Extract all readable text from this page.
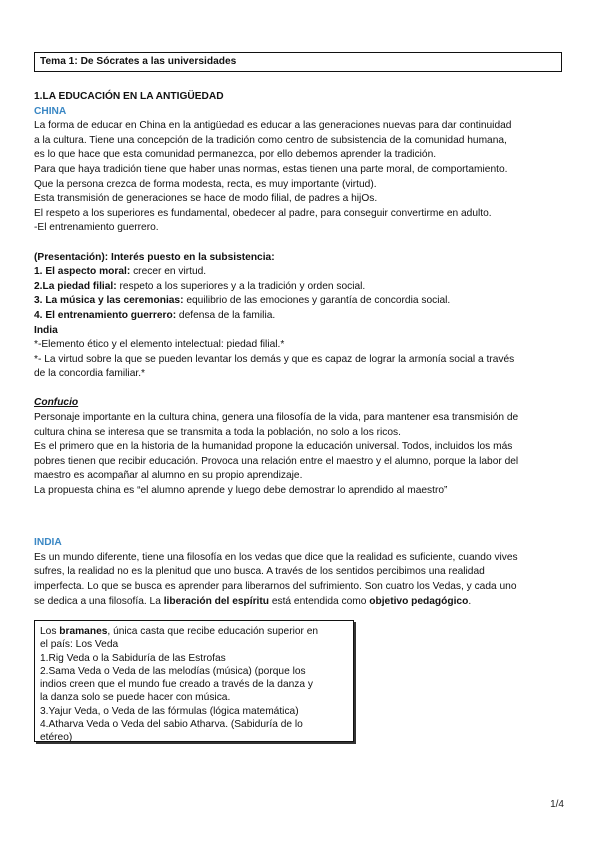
Tema 1: De Sócrates a las universidades
1.LA EDUCACIÓN EN LA ANTIGÜEDAD
CHINA
La forma de educar en China en la antigüedad es educar a las generaciones nuevas para dar continuidad
a la cultura. Tiene una concepción de la tradición como centro de subsistencia de la comunidad humana,
es lo que hace que esta comunidad permanezca, por ello debemos aprender la tradición.
Para que haya tradición tiene que haber unas normas, estas tienen una parte moral, de comportamiento.
Que la persona crezca de forma modesta, recta, es muy importante (virtud).
Esta transmisión de generaciones se hace de modo filial, de padres a hijOs.
El respeto a los superiores es fundamental, obedecer al padre, para conseguir convertirme en adulto.
-El entrenamiento guerrero.
(Presentación): Interés puesto en la subsistencia:
1. El aspecto moral: crecer en virtud.
2.La piedad filial: respeto a los superiores y a la tradición y orden social.
3. La música y las ceremonias: equilibrio de las emociones y garantía de concordia social.
4. El entrenamiento guerrero: defensa de la familia.
India
*-Elemento ético y el elemento intelectual: piedad filial.*
*- La virtud sobre la que se pueden levantar los demás y que es capaz de lograr la armonía social a través
de la concordia familiar.*
Confucio
Personaje importante en la cultura china, genera una filosofía de la vida, para mantener esa transmisión de
cultura china se interesa que se transmita a toda la población, no solo a los ricos.
Es el primero que en la historia de la humanidad propone la educación universal. Todos, incluidos los más
pobres tienen que recibir educación. Provoca una relación entre el maestro y el alumno, porque la labor del
maestro es acompañar al alumno en su propio aprendizaje.
La propuesta china es “el alumno aprende y luego debe demostrar lo aprendido al maestro”
INDIA
Es un mundo diferente, tiene una filosofía en los vedas que dice que la realidad es suficiente, cuando vives
sufres, la realidad no es la plenitud que uno busca. A través de los sentidos percibimos una realidad
imperfecta. Lo que se busca es aprender para liberarnos del sufrimiento. Son cuatro los Vedas, y cada uno
se dedica a una filosofía. La liberación del espíritu está entendida como objetivo pedagógico.
Los bramanes, única casta que recibe educación superior en
el país: Los Veda
1.Rig Veda o la Sabiduría de las Estrofas
2.Sama Veda o Veda de las melodías (música) (porque los
indios creen que el mundo fue creado a través de la danza y
la danza solo se puede hacer con música.
3.Yajur Veda, o Veda de las fórmulas (lógica matemática)
4.Atharva Veda o Veda del sabio Atharva. (Sabiduría de lo
etéreo)
1/4
